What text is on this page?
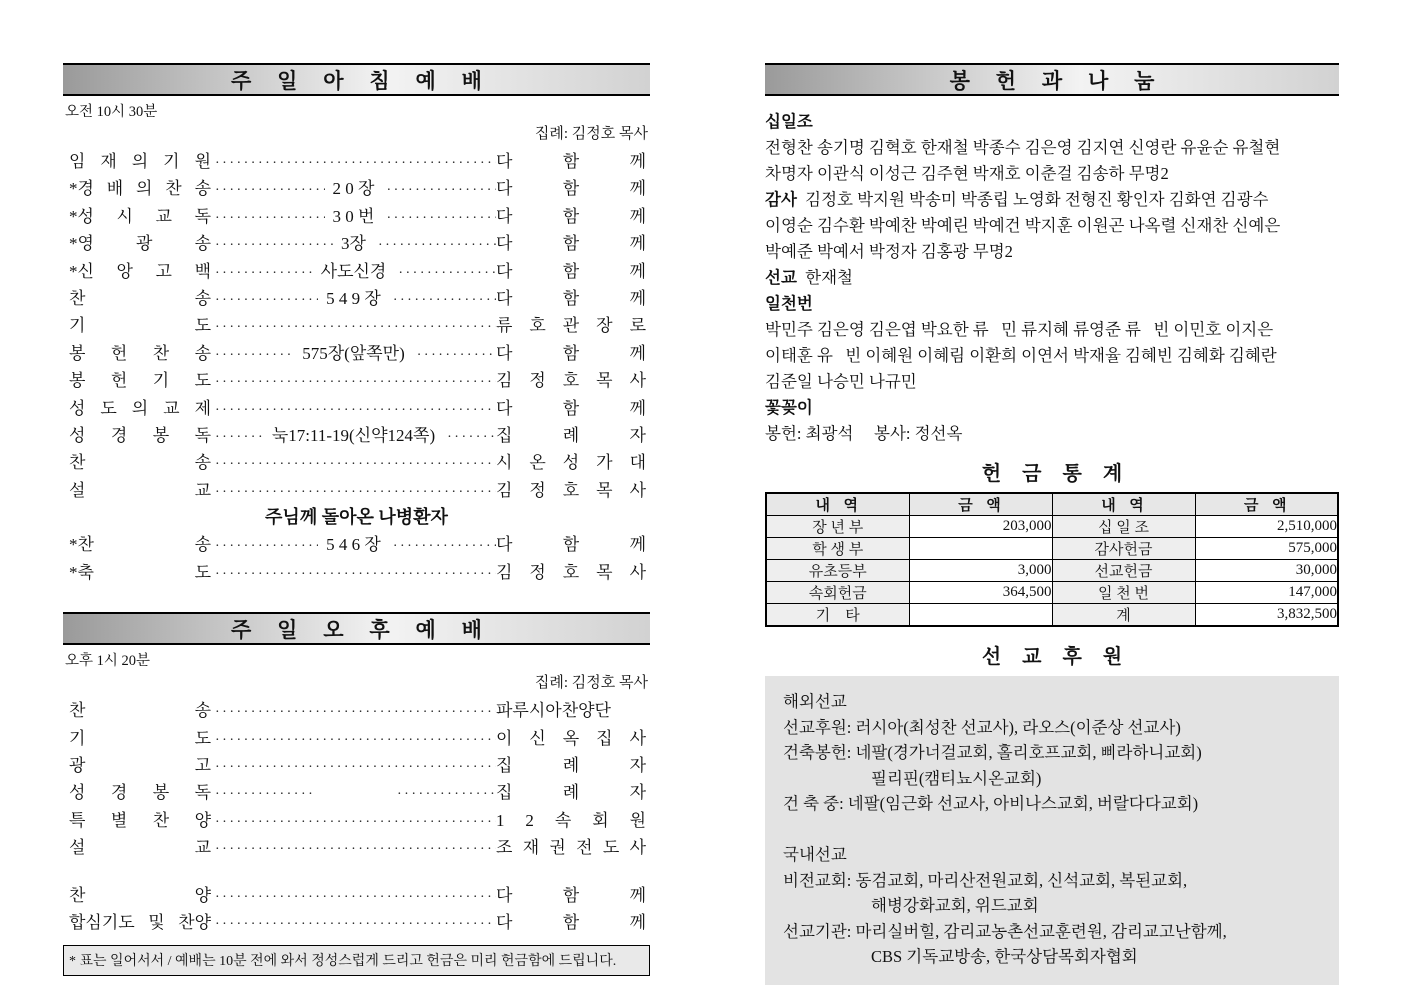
주 일 아 침 예 배
오전 10시 30분
집례: 김정호 목사
임 재 의 기 원 ·····	다 함 께
*경 배 의 찬 송 ·····	2 0 장 ·····	다 함 께
*성 시 교 독 ·····	3 0 번 ·····	다 함 께
*영 광 송 ·····	3장 ·····	다 함 께
*신 앙 고 백 ·····	사도신경 ·····	다 함 께
찬 송 ·····	5 4 9 장 ·····	다 함 께
기 도 ·····	류 호 관 장 로
봉 헌 찬 송 ·····	575장(앞쪽만) ·····	다 함 께
봉 헌 기 도 ·····	김 정 호 목 사
성 도 의 교 제 ·····	다 함 께
성 경 봉 독 ·····	눅17:11-19(신약124쪽) ·····	집 례 자
찬 송 ·····	시 온 성 가 대
설 교 ·····	김 정 호 목 사
주님께 돌아온 나병환자
*찬 송 ·····	5 4 6 장 ·····	다 함 께
*축 도 ·····	김 정 호 목 사
주 일 오 후 예 배
오후 1시 20분
집례: 김정호 목사
찬 송 ·····	파루시아찬양단
기 도 ·····	이 신 옥 집 사
광 고 ·····	집 례 자
성 경 봉 독 ····· ·····	집 례 자
특 별 찬 양 ·····	1 2 속 회 원
설 교 ·····	조 재 권 전 도 사
찬 양 ·····	다 함 께
합심기도 및 찬양 ·····	다 함 께
* 표는 일어서서 / 예배는 10분 전에 와서 정성스럽게 드리고 헌금은 미리 헌금함에 드립니다.
봉 헌 과 나 눔
십일조
전형찬 송기명 김혁호 한재철 박종수 김은영 김지연 신영란 유윤순 유철현
차명자 이관식 이성근 김주현 박재호 이춘걸 김송하 무명2
감사  김정호 박지원 박송미 박종립 노영화 전형진 황인자 김화연 김광수
이영순 김수환 박예찬 박예린 박예건 박지훈 이원곤 나옥렬 신재찬 신예은
박예준 박예서 박정자 김홍광 무명2
선교  한재철
일천번
박민주 김은영 김은엽 박요한 류   민 류지혜 류영준 류   빈 이민호 이지은
이태훈 유   빈 이혜원 이혜림 이환희 이연서 박재율 김혜빈 김혜화 김혜란
김준일 나승민 나규민
꽃꽂이
봉헌: 최광석     봉사: 정선옥
헌 금 통 계
내  역	금  액	내  역	금  액
장 년 부	203,000	십 일 조	2,510,000
학 생 부		감사헌금	575,000
유초등부	3,000	선교헌금	30,000
속회헌금	364,500	일 천 번	147,000
기    타		계	3,832,500
선 교 후 원
해외선교
선교후원: 러시아(최성찬 선교사), 라오스(이준상 선교사)
건축봉헌: 네팔(경가너걸교회, 홀리호프교회, 삐라하니교회)
필리핀(캠티뇨시온교회)
건 축 중: 네팔(임근화 선교사, 아비나스교회, 버랄다다교회)
국내선교
비전교회: 동검교회, 마리산전원교회, 신석교회, 복된교회,
해병강화교회, 위드교회
선교기관: 마리실버힐, 감리교농촌선교훈련원, 감리교고난함께,
CBS 기독교방송, 한국상담목회자협회
